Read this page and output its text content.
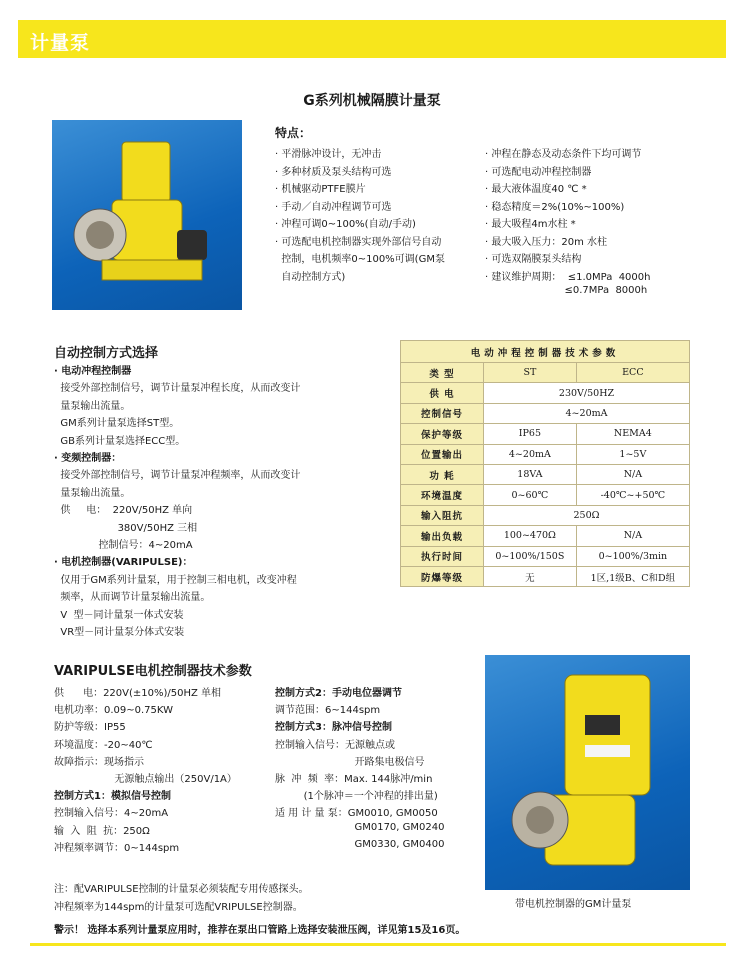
计量泵
G系列机械隔膜计量泵
特点：
· 平滑脉冲设计，无冲击
· 多种材质及泵头结构可选
· 机械驱动PTFE膜片
· 手动／自动冲程调节可选
· 冲程可调0~100%(自动/手动)
· 可选配电机控制器实现外部信号自动
控制，电机频率0~100%可调(GM泵
自动控制方式)
· 冲程在静态及动态条件下均可调节
· 可选配电动冲程控制器
· 最大液体温度40 ℃ *
· 稳态精度＝2%(10%~100%)
· 最大吸程4m水柱 *
· 最大吸入压力：20m 水柱
· 可选双隔膜泵头结构
· 建议维护周期：  ≤1.0MPa  4000h
≤0.7MPa  8000h
自动控制方式选择
· 电动冲程控制器
接受外部控制信号，调节计量泵冲程长度，从而改变计
量泵输出流量。
GM系列计量泵选择ST型。
GB系列计量泵选择ECC型。
· 变频控制器：
接受外部控制信号，调节计量泵冲程频率，从而改变计
量泵输出流量。
供     电：  220V/50HZ 单向
380V/50HZ 三相
控制信号：4~20mA
· 电机控制器(VARIPULSE)：
仅用于GM系列计量泵，用于控制三相电机，改变冲程
频率，从而调节计量泵输出流量。
V  型－同计量泵一体式安装
VR型－同计量泵分体式安装
电动冲程控制器技术参数		
类 型	ST	ECC
供 电	230V/50HZ	
控制信号	4~20mA	
保护等级	IP65	NEMA4
位置输出	4~20mA	1~5V
功 耗	18VA	N/A
环境温度	0~60℃	-40℃~+50℃
输入阻抗	250Ω	
输出负载	100~470Ω	N/A
执行时间	0~100%/150S	0~100%/3min
防爆等级	无	1区,1级B、C和D组
VARIPULSE电机控制器技术参数
供      电：220V(±10%)/50HZ 单相
电机功率：0.09~0.75KW
防护等级：IP55
环境温度：-20~40℃
故障指示：现场指示
无源触点输出（250V/1A）
控制方式1：模拟信号控制
控制输入信号：4~20mA
输  入  阻  抗：250Ω
冲程频率调节：0~144spm
控制方式2：手动电位器调节
调节范围：6~144spm
控制方式3：脉冲信号控制
控制输入信号：无源触点或
开路集电极信号
脉  冲  频  率：Max. 144脉冲/min
(1个脉冲＝一个冲程的排出量)
适 用 计 量 泵：GM0010, GM0050
GM0170, GM0240
GM0330, GM0400
带电机控制器的GM计量泵
注：配VARIPULSE控制的计量泵必须装配专用传感探头。
冲程频率为144spm的计量泵可选配VRIPULSE控制器。
警示！ 选择本系列计量泵应用时，推荐在泵出口管路上选择安装泄压阀，详见第15及16页。
